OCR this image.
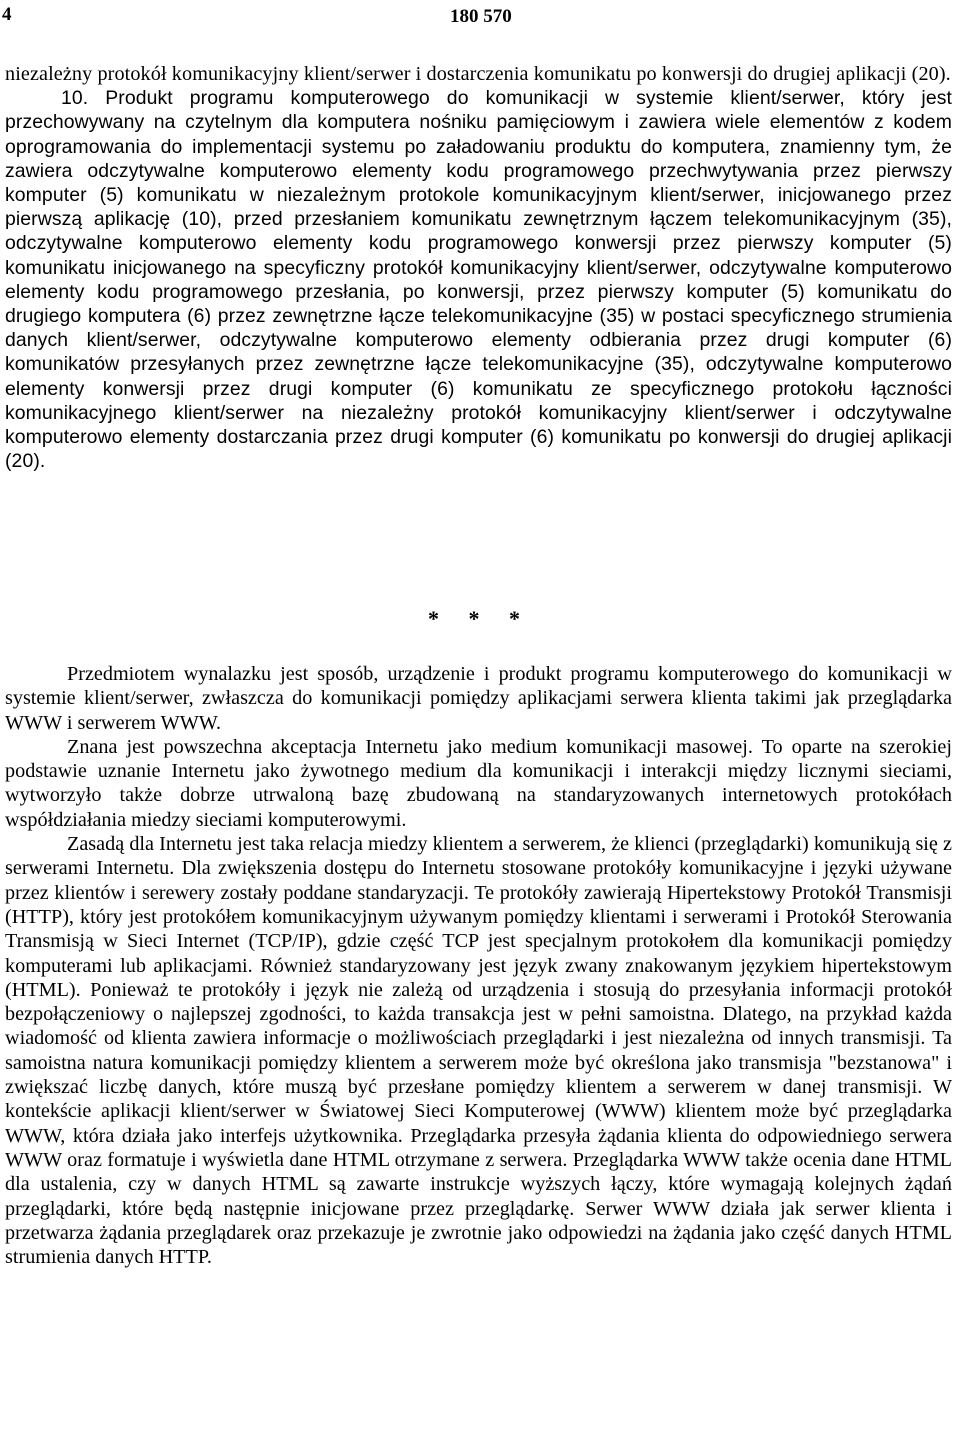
4	180 570

niezależny protokół komunikacyjny klient/serwer i dostarczenia komunikatu po konwersji do drugiej aplikacji (20).

10. Produkt programu komputerowego do komunikacji w systemie klient/serwer, który jest przechowywany na czytelnym dla komputera nośniku pamięciowym i zawiera wiele elementów z kodem oprogramowania do implementacji systemu po załadowaniu produktu do komputera, znamienny tym, że zawiera odczytywalne komputerowo elementy kodu programowego przechwytywania przez pierwszy komputer (5) komunikatu w niezależnym protokole komunikacyjnym klient/serwer, inicjowanego przez pierwszą aplikację (10), przed przesłaniem komunikatu zewnętrznym łączem telekomunikacyjnym (35), odczytywalne komputerowo elementy kodu programowego konwersji przez pierwszy komputer (5) komunikatu inicjowanego na specyficzny protokół komunikacyjny klient/serwer, odczytywalne komputerowo elementy kodu programowego przesłania, po konwersji, przez pierwszy komputer (5) komunikatu do drugiego komputera (6) przez zewnętrzne łącze telekomunikacyjne (35) w postaci specyficznego strumienia danych klient/serwer, odczytywalne komputerowo elementy odbierania przez drugi komputer (6) komunikatów przesyłanych przez zewnętrzne łącze telekomunikacyjne (35), odczytywalne komputerowo elementy konwersji przez drugi komputer (6) komunikatu ze specyficznego protokołu łączności komunikacyjnego klient/serwer na niezależny protokół komunikacyjny klient/serwer i odczytywalne komputerowo elementy dostarczania przez drugi komputer (6) komunikatu po konwersji do drugiej aplikacji (20).

* * *

Przedmiotem wynalazku jest sposób, urządzenie i produkt programu komputerowego do komunikacji w systemie klient/serwer, zwłaszcza do komunikacji pomiędzy aplikacjami serwera klienta takimi jak przeglądarka WWW i serwerem WWW.

Znana jest powszechna akceptacja Internetu jako medium komunikacji masowej. To oparte na szerokiej podstawie uznanie Internetu jako żywotnego medium dla komunikacji i interakcji między licznymi sieciami, wytworzyło także dobrze utrwaloną bazę zbudowaną na standaryzowanych internetowych protokółach współdziałania miedzy sieciami komputerowymi.

Zasadą dla Internetu jest taka relacja miedzy klientem a serwerem, że klienci (przeglądarki) komunikują się z serwerami Internetu. Dla zwiększenia dostępu do Internetu stosowane protokóły komunikacyjne i języki używane przez klientów i serewery zostały poddane standaryzacji. Te protokóły zawierają Hipertekstowy Protokół Transmisji (HTTP), który jest protokółem komunikacyjnym używanym pomiędzy klientami i serwerami i Protokół Sterowania Transmisją w Sieci Internet (TCP/IP), gdzie część TCP jest specjalnym protokołem dla komunikacji pomiędzy komputerami lub aplikacjami. Również standaryzowany jest język zwany znakowanym językiem hipertekstowym (HTML). Ponieważ te protokóły i język nie zależą od urządzenia i stosują do przesyłania informacji protokół bezpołączeniowy o najlepszej zgodności, to każda transakcja jest w pełni samoistna. Dlatego, na przykład każda wiadomość od klienta zawiera informacje o możliwościach przeglądarki i jest niezależna od innych transmisji. Ta samoistna natura komunikacji pomiędzy klientem a serwerem może być określona jako transmisja "bezstanowa" i zwiększać liczbę danych, które muszą być przesłane pomiędzy klientem a serwerem w danej transmisji. W kontekście aplikacji klient/serwer w Światowej Sieci Komputerowej (WWW) klientem może być przeglądarka WWW, która działa jako interfejs użytkownika. Przeglądarka przesyła żądania klienta do odpowiedniego serwera WWW oraz formatuje i wyświetla dane HTML otrzymane z serwera. Przeglądarka WWW także ocenia dane HTML dla ustalenia, czy w danych HTML są zawarte instrukcje wyższych łączy, które wymagają kolejnych żądań przeglądarki, które będą następnie inicjowane przez przeglądarkę. Serwer WWW działa jak serwer klienta i przetwarza żądania przeglądarek oraz przekazuje je zwrotnie jako odpowiedzi na żądania jako część danych HTML strumienia danych HTTP.
